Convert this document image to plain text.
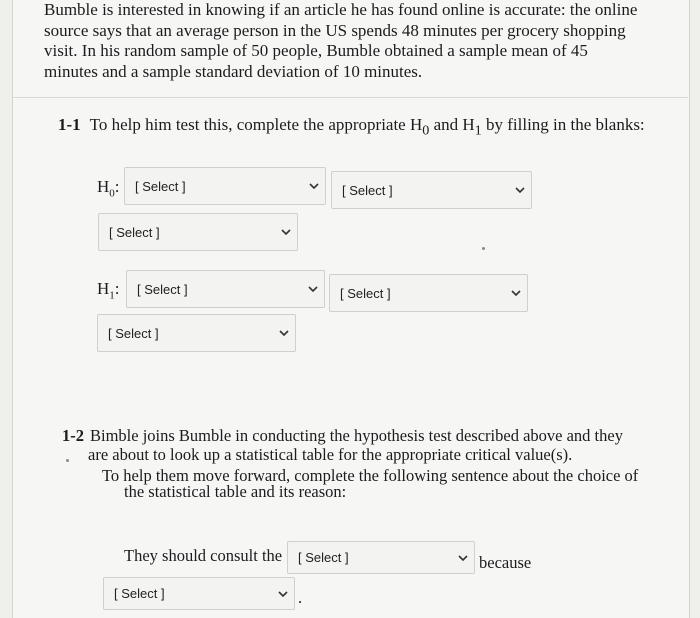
Bumble is interested in knowing if an article he has found online is accurate: the online
source says that an average person in the US spends 48 minutes per grocery shopping
visit. In his random sample of 50 people, Bumble obtained a sample mean of 45
minutes and a sample standard deviation of 10 minutes.
1-1 To help him test this, complete the appropriate $H_0$ and $H_1$ by filling in the blanks:
$H_0$:	[ Select ]	[ Select ]
[ Select ]
$H_1$:	[ Select ]	[ Select ]
[ Select ]
1-2 Bimble joins Bumble in conducting the hypothesis test described above and they
are about to look up a statistical table for the appropriate critical value(s).
To help them move forward, complete the following sentence about the choice of
the statistical table and its reason:
They should consult the	[ Select ]	because
[ Select ]	.
